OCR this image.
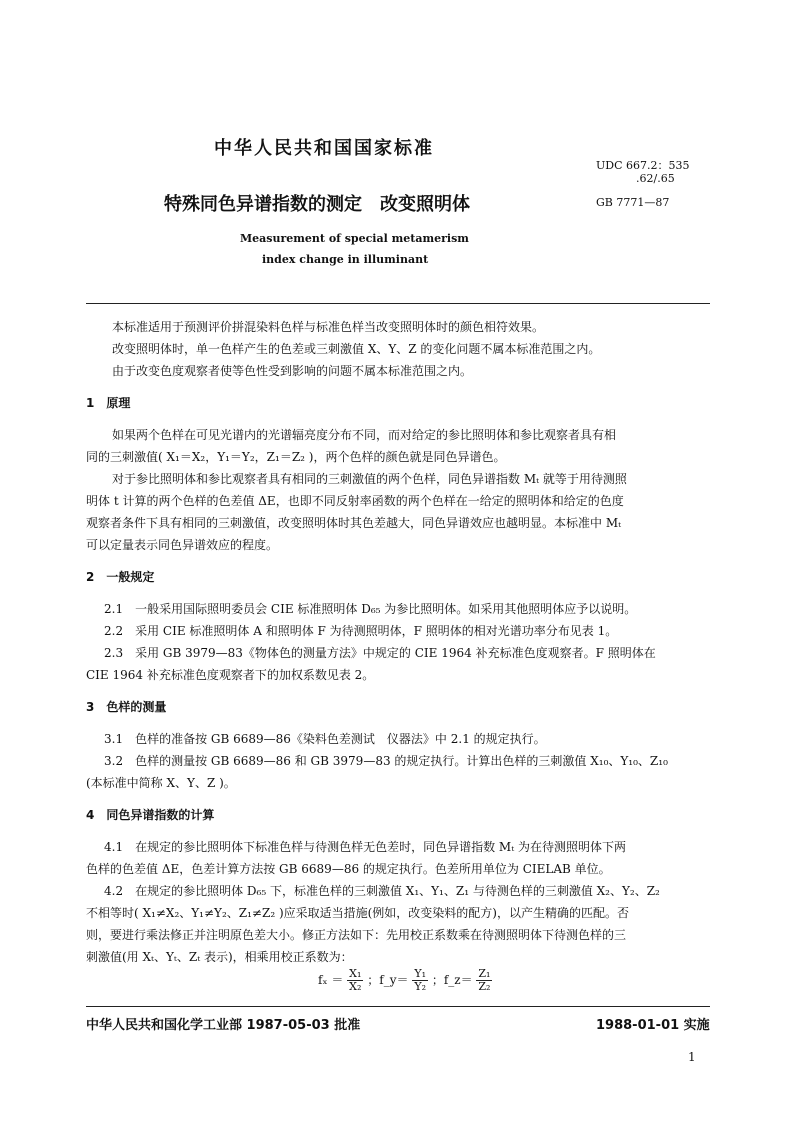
中华人民共和国国家标准
特殊同色异谱指数的测定　改变照明体
Measurement of special metamerism
index change in illuminant
UDC 667.2：535
.62/.65
GB 7771—87
本标准适用于预测评价拼混染料色样与标准色样当改变照明体时的颜色相符效果。
改变照明体时，单一色样产生的色差或三刺激值 X、Y、Z 的变化问题不属本标准范围之内。
由于改变色度观察者使等色性受到影响的问题不属本标准范围之内。
1　原理
如果两个色样在可见光谱内的光谱辐亮度分布不同，而对给定的参比照明体和参比观察者具有相
同的三刺激值( X₁＝X₂，Y₁＝Y₂，Z₁＝Z₂ )，两个色样的颜色就是同色异谱色。
对于参比照明体和参比观察者具有相同的三刺激值的两个色样，同色异谱指数 Mₜ 就等于用待测照
明体 t 计算的两个色样的色差值 ΔE，也即不同反射率函数的两个色样在一给定的照明体和给定的色度
观察者条件下具有相同的三刺激值，改变照明体时其色差越大，同色异谱效应也越明显。本标准中 Mₜ
可以定量表示同色异谱效应的程度。
2　一般规定
2.1　一般采用国际照明委员会 CIE 标准照明体 D₆₅ 为参比照明体。如采用其他照明体应予以说明。
2.2　采用 CIE 标准照明体 A 和照明体 F 为待测照明体，F 照明体的相对光谱功率分布见表 1。
2.3　采用 GB 3979—83《物体色的测量方法》中规定的 CIE 1964 补充标准色度观察者。F 照明体在
CIE 1964 补充标准色度观察者下的加权系数见表 2。
3　色样的测量
3.1　色样的准备按 GB 6689—86《染料色差测试　仪器法》中 2.1 的规定执行。
3.2　色样的测量按 GB 6689—86 和 GB 3979—83 的规定执行。计算出色样的三刺激值 X₁₀、Y₁₀、Z₁₀
(本标准中简称 X、Y、Z )。
4　同色异谱指数的计算
4.1　在规定的参比照明体下标准色样与待测色样无色差时，同色异谱指数 Mₜ 为在待测照明体下两
色样的色差值 ΔE，色差计算方法按 GB 6689—86 的规定执行。色差所用单位为 CIELAB 单位。
4.2　在规定的参比照明体 D₆₅ 下，标准色样的三刺激值 X₁、Y₁、Z₁ 与待测色样的三刺激值 X₂、Y₂、Z₂
不相等时( X₁≠X₂、Y₁≠Y₂、Z₁≠Z₂ )应采取适当措施(例如，改变染料的配方)，以产生精确的匹配。否
则，要进行乘法修正并注明原色差大小。修正方法如下：先用校正系数乘在待测照明体下待测色样的三
刺激值(用 Xₜ、Yₜ、Zₜ 表示)，相乘用校正系数为：
$f_x = \frac{\text{X₁}}{\text{X₂}}$ ；f_y＝ $\frac{\text{Y₁}}{\text{Y₂}}$ ；f_z＝ $\frac{\text{Z₁}}{\text{Z₂}}$
中华人民共和国化学工业部 1987-05-03 批准	1988-01-01 实施
1
